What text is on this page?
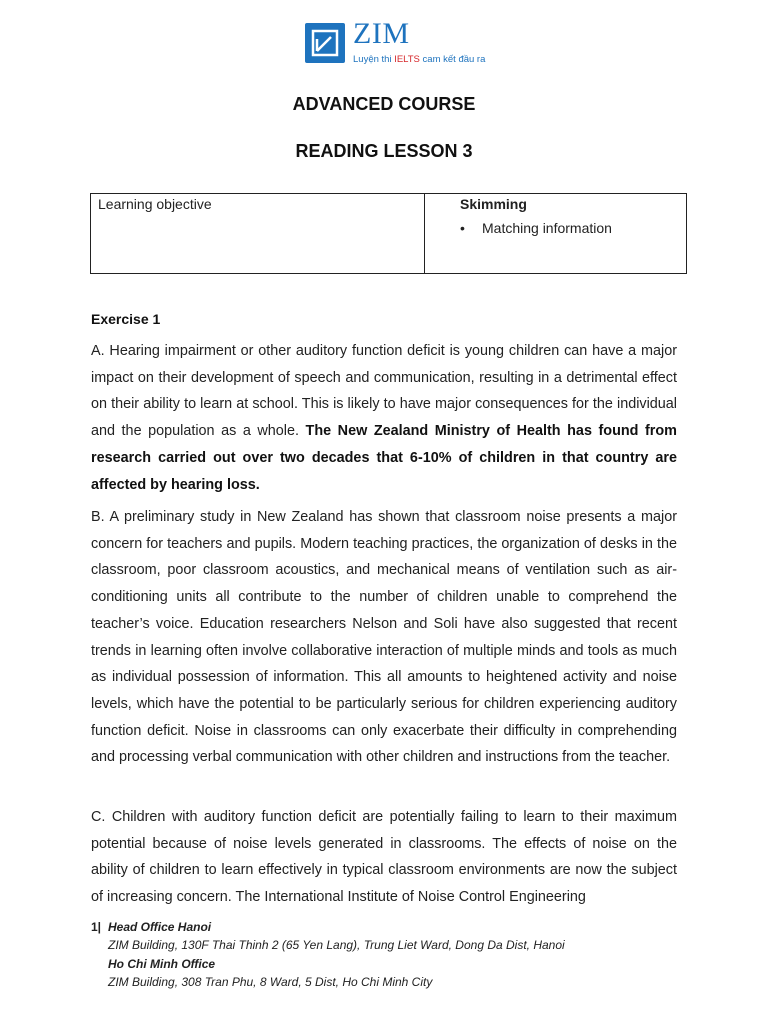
ZIM
Luyện thi IELTS cam kết đầu ra
ADVANCED COURSE
READING LESSON 3
Learning objective	Skimming
•	Matching information
Exercise 1
A. Hearing impairment or other auditory function deficit is young children can have a major impact on their development of speech and communication, resulting in a detrimental effect on their ability to learn at school. This is likely to have major consequences for the individual and the population as a whole. The New Zealand Ministry of Health has found from research carried out over two decades that 6-10% of children in that country are affected by hearing loss.
B. A preliminary study in New Zealand has shown that classroom noise presents a major concern for teachers and pupils. Modern teaching practices, the organization of desks in the classroom, poor classroom acoustics, and mechanical means of ventilation such as air-conditioning units all contribute to the number of children unable to comprehend the teacher’s voice. Education researchers Nelson and Soli have also suggested that recent trends in learning often involve collaborative interaction of multiple minds and tools as much as individual possession of information. This all amounts to heightened activity and noise levels, which have the potential to be particularly serious for children experiencing auditory function deficit. Noise in classrooms can only exacerbate their difficulty in comprehending and processing verbal communication with other children and instructions from the teacher.
C. Children with auditory function deficit are potentially failing to learn to their maximum potential because of noise levels generated in classrooms. The effects of noise on the ability of children to learn effectively in typical classroom environments are now the subject of increasing concern. The International Institute of Noise Control Engineering
1| Head Office Hanoi
ZIM Building, 130F Thai Thinh 2 (65 Yen Lang), Trung Liet Ward, Dong Da Dist, Hanoi
Ho Chi Minh Office
ZIM Building, 308 Tran Phu, 8 Ward, 5 Dist, Ho Chi Minh City
